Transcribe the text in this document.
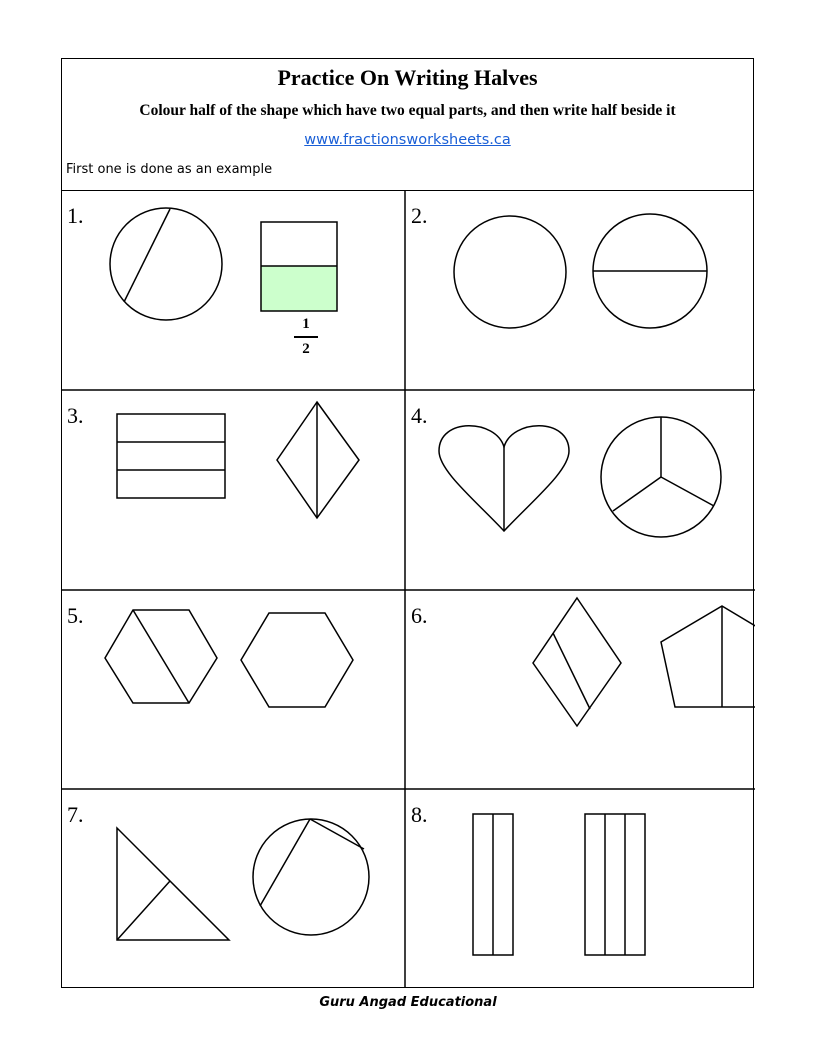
Practice On Writing Halves
Colour half of the shape which have two equal parts, and then write half beside it
www.fractionsworksheets.ca
First one is done as an example
1.
1
2
2.
3.	4.
5.	6.
7.	8.
Guru Angad Educational
